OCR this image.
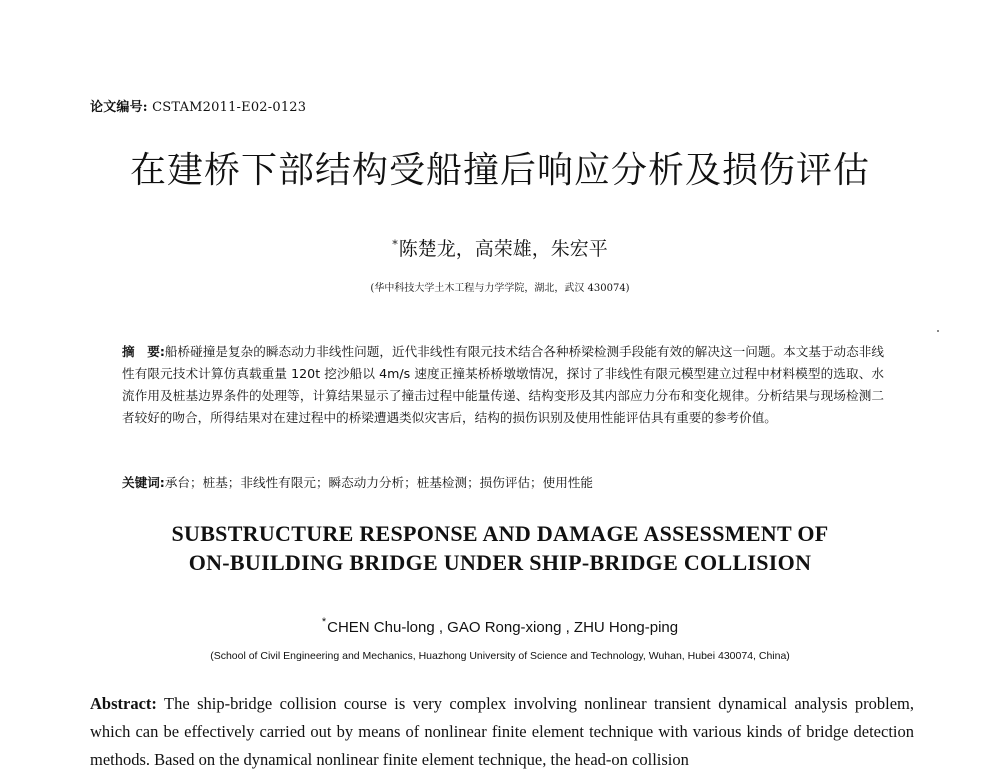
论文编号: CSTAM2011-E02-0123
在建桥下部结构受船撞后响应分析及损伤评估
*陈楚龙，高荣雄，朱宏平
(华中科技大学土木工程与力学学院，湖北，武汉 430074)
摘　要:船桥碰撞是复杂的瞬态动力非线性问题，近代非线性有限元技术结合各种桥梁检测手段能有效的解决这一问题。本文基于动态非线性有限元技术计算仿真载重量 120t 挖沙船以 4m/s 速度正撞某桥桥墩墩情况，探讨了非线性有限元模型建立过程中材料模型的选取、水流作用及桩基边界条件的处理等，计算结果显示了撞击过程中能量传递、结构变形及其内部应力分布和变化规律。分析结果与现场检测二者较好的吻合，所得结果对在建过程中的桥梁遭遇类似灾害后，结构的损伤识别及使用性能评估具有重要的参考价值。
关键词:承台；桩基；非线性有限元；瞬态动力分析；桩基检测；损伤评估；使用性能
SUBSTRUCTURE RESPONSE AND DAMAGE ASSESSMENT OF
ON-BUILDING BRIDGE UNDER SHIP-BRIDGE COLLISION
*CHEN Chu-long , GAO Rong-xiong , ZHU Hong-ping
(School of Civil Engineering and Mechanics, Huazhong University of Science and Technology, Wuhan, Hubei 430074, China)
Abstract: The ship-bridge collision course is very complex involving nonlinear transient dynamical analysis problem, which can be effectively carried out by means of nonlinear finite element technique with various kinds of bridge detection methods. Based on the dynamical nonlinear finite element technique, the head-on collision
